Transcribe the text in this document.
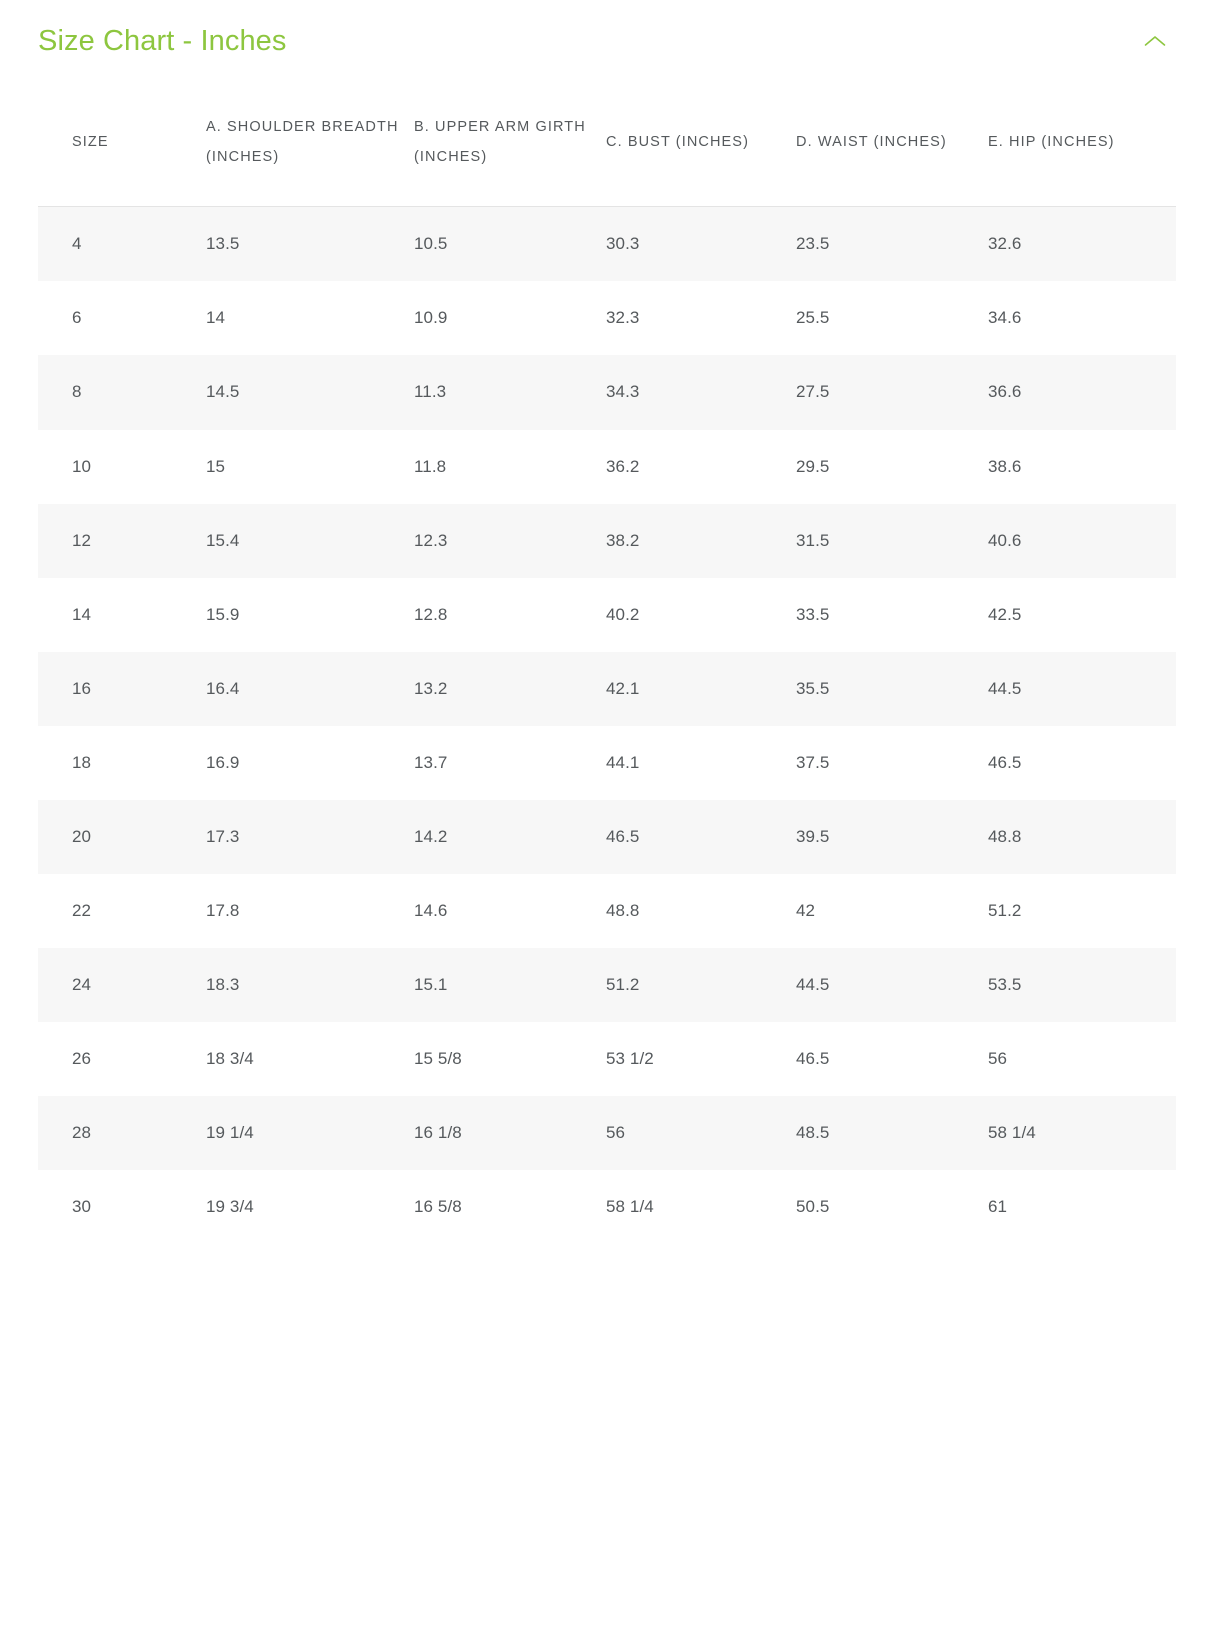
Size Chart - Inches
SIZE	A. SHOULDER BREADTH (INCHES)	B. UPPER ARM GIRTH (INCHES)	C. BUST (INCHES)	D. WAIST (INCHES)	E. HIP (INCHES)
4	13.5	10.5	30.3	23.5	32.6
6	14	10.9	32.3	25.5	34.6
8	14.5	11.3	34.3	27.5	36.6
10	15	11.8	36.2	29.5	38.6
12	15.4	12.3	38.2	31.5	40.6
14	15.9	12.8	40.2	33.5	42.5
16	16.4	13.2	42.1	35.5	44.5
18	16.9	13.7	44.1	37.5	46.5
20	17.3	14.2	46.5	39.5	48.8
22	17.8	14.6	48.8	42	51.2
24	18.3	15.1	51.2	44.5	53.5
26	18 3/4	15 5/8	53 1/2	46.5	56
28	19 1/4	16 1/8	56	48.5	58 1/4
30	19 3/4	16 5/8	58 1/4	50.5	61
